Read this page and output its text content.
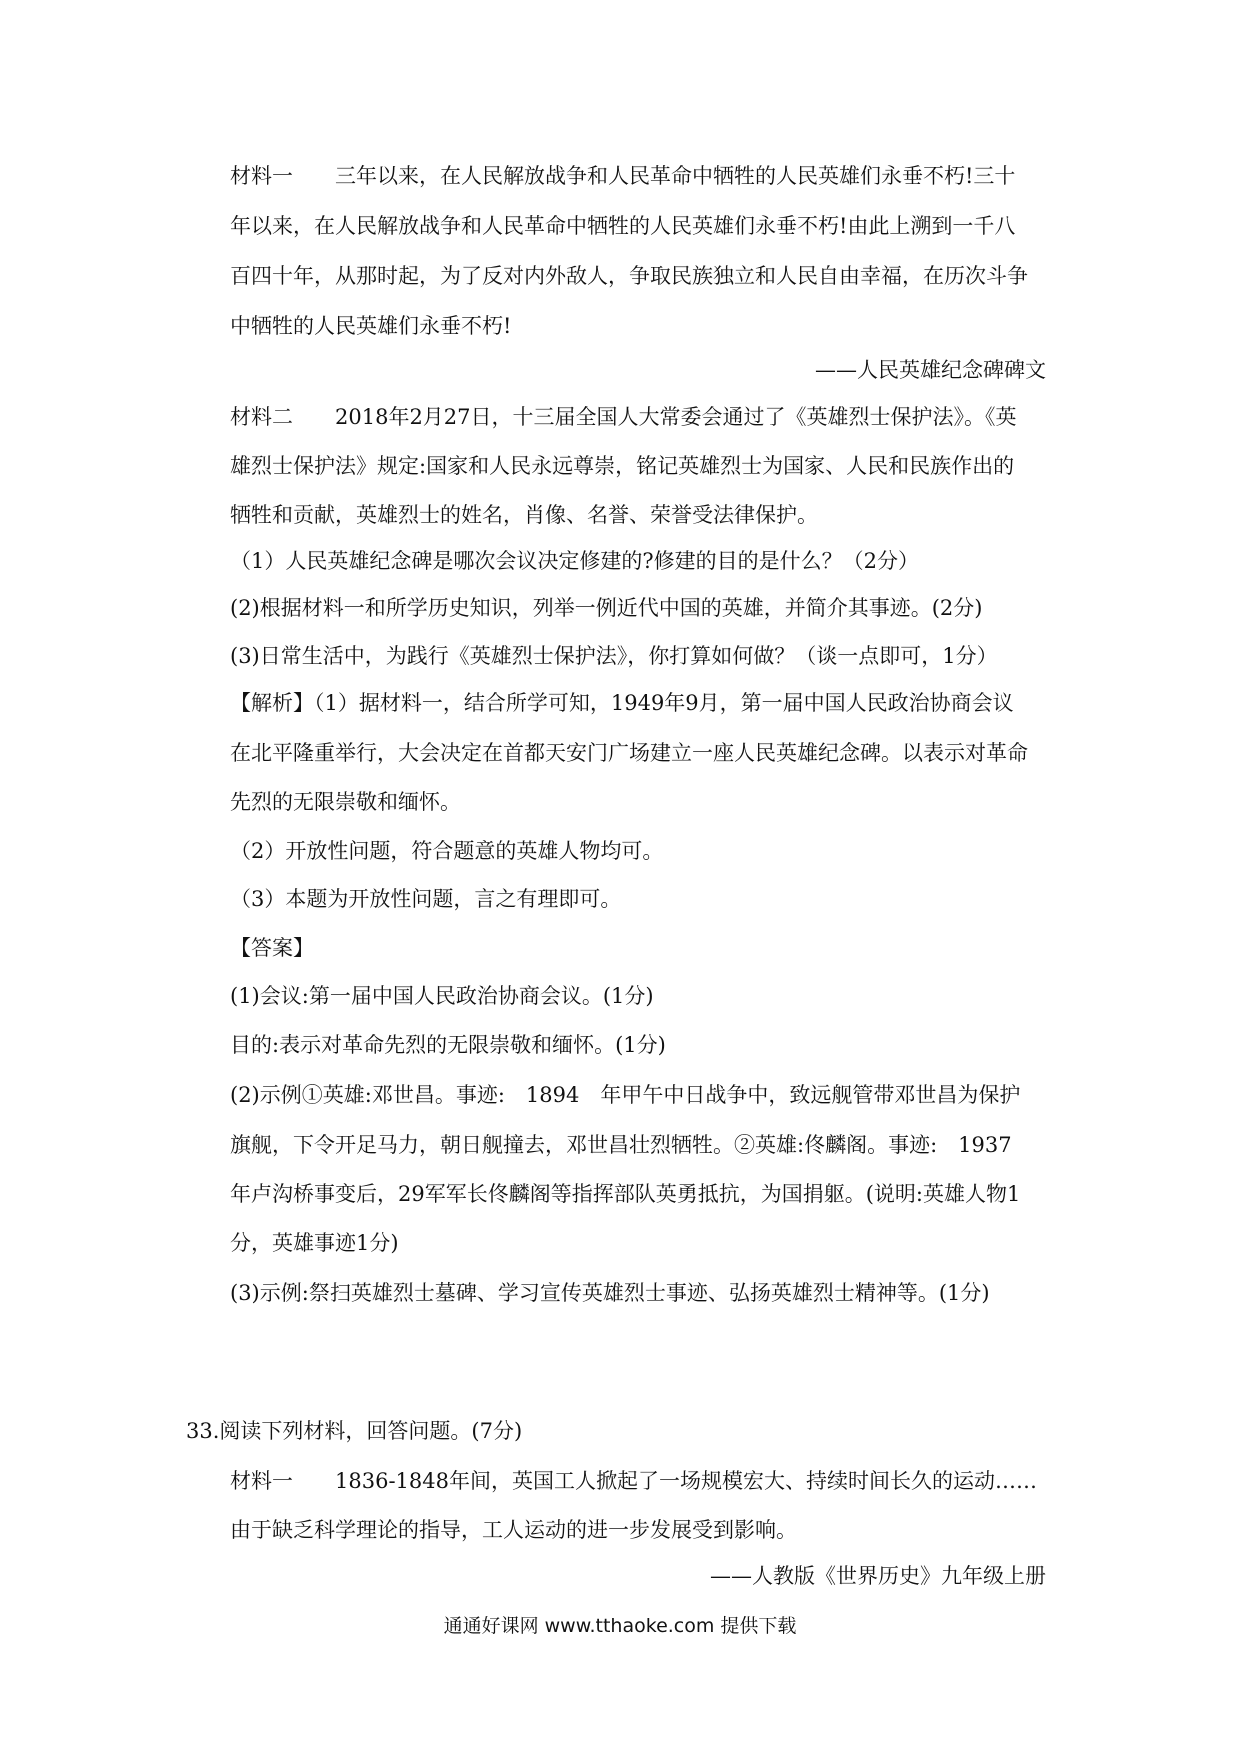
材料一　　三年以来，在人民解放战争和人民革命中牺牲的人民英雄们永垂不朽!三十
年以来，在人民解放战争和人民革命中牺牲的人民英雄们永垂不朽!由此上溯到一千八
百四十年，从那时起，为了反对内外敌人，争取民族独立和人民自由幸福，在历次斗争
中牺牲的人民英雄们永垂不朽!
——人民英雄纪念碑碑文
材料二　　2018年2月27日，十三届全国人大常委会通过了《英雄烈士保护法》。《英
雄烈士保护法》规定:国家和人民永远尊崇，铭记英雄烈士为国家、人民和民族作出的
牺牲和贡献，英雄烈士的姓名，肖像、名誉、荣誉受法律保护。
（1）人民英雄纪念碑是哪次会议决定修建的?修建的目的是什么？（2分）
(2)根据材料一和所学历史知识，列举一例近代中国的英雄，并简介其事迹。(2分)
(3)日常生活中，为践行《英雄烈士保护法》，你打算如何做？（谈一点即可，1分）
【解析】（1）据材料一，结合所学可知，1949年9月，第一届中国人民政治协商会议
在北平隆重举行，大会决定在首都天安门广场建立一座人民英雄纪念碑。以表示对革命
先烈的无限崇敬和缅怀。
（2）开放性问题，符合题意的英雄人物均可。
（3）本题为开放性问题，言之有理即可。
【答案】
(1)会议:第一届中国人民政治协商会议。(1分)
目的:表示对革命先烈的无限崇敬和缅怀。(1分)
(2)示例①英雄:邓世昌。事迹:　1894　年甲午中日战争中，致远舰管带邓世昌为保护
旗舰，下令开足马力，朝日舰撞去，邓世昌壮烈牺牲。②英雄:佟麟阁。事迹:　1937
年卢沟桥事变后，29军军长佟麟阁等指挥部队英勇抵抗，为国捐躯。(说明:英雄人物1
分，英雄事迹1分)
(3)示例:祭扫英雄烈士墓碑、学习宣传英雄烈士事迹、弘扬英雄烈士精神等。(1分)
33.阅读下列材料，回答问题。(7分)
材料一　　1836-1848年间，英国工人掀起了一场规模宏大、持续时间长久的运动……
由于缺乏科学理论的指导，工人运动的进一步发展受到影响。
——人教版《世界历史》九年级上册
通通好课网 www.tthaoke.com 提供下载
